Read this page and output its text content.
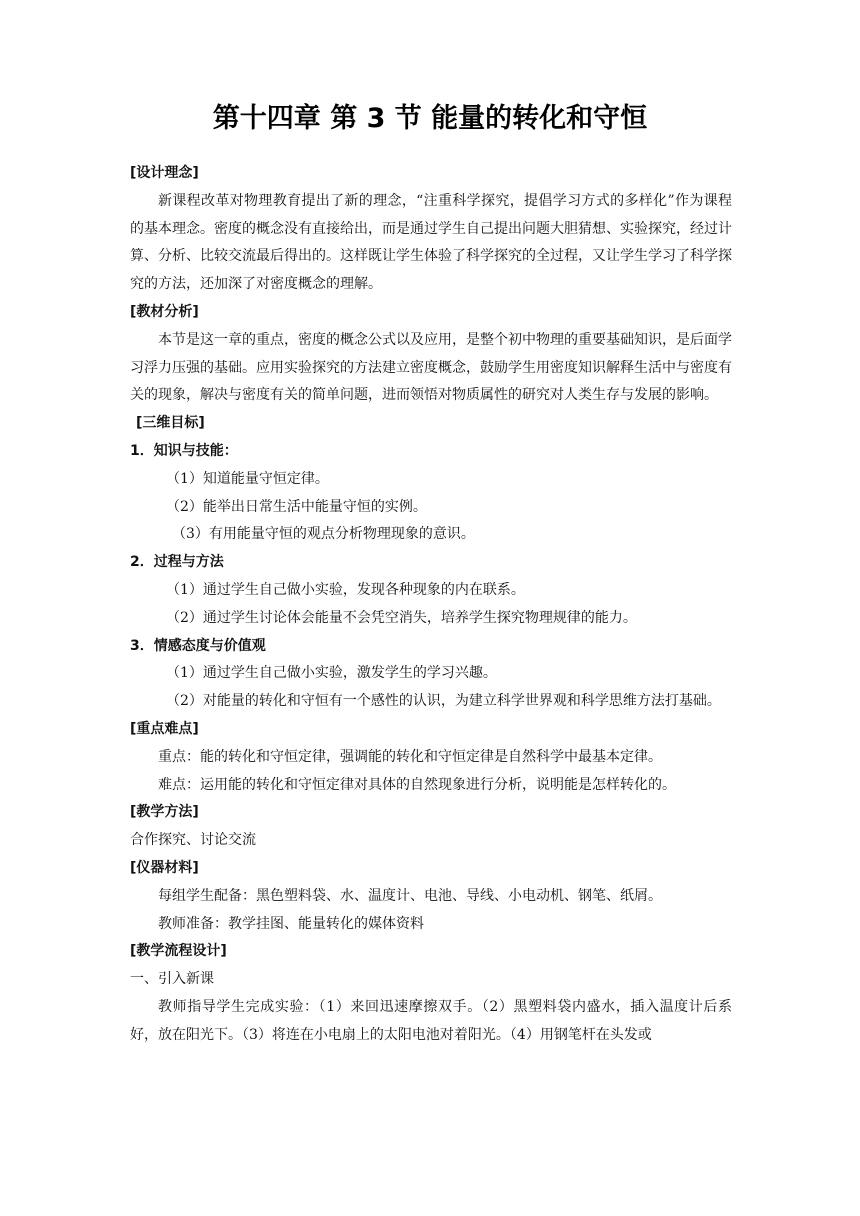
第十四章 第 3 节 能量的转化和守恒

[设计理念]

新课程改革对物理教育提出了新的理念，“注重科学探究，提倡学习方式的多样化”作为课程的基本理念。密度的概念没有直接给出，而是通过学生自己提出问题大胆猜想、实验探究，经过计算、分析、比较交流最后得出的。这样既让学生体验了科学探究的全过程，又让学生学习了科学探究的方法，还加深了对密度概念的理解。

[教材分析]

本节是这一章的重点，密度的概念公式以及应用，是整个初中物理的重要基础知识，是后面学习浮力压强的基础。应用实验探究的方法建立密度概念，鼓励学生用密度知识解释生活中与密度有关的现象，解决与密度有关的简单问题，进而领悟对物质属性的研究对人类生存与发展的影响。

[三维目标]

1．知识与技能：

（1）知道能量守恒定律。

（2）能举出日常生活中能量守恒的实例。

（3）有用能量守恒的观点分析物理现象的意识。

2．过程与方法

（1）通过学生自己做小实验，发现各种现象的内在联系。

（2）通过学生讨论体会能量不会凭空消失，培养学生探究物理规律的能力。

3．情感态度与价值观

（1）通过学生自己做小实验，激发学生的学习兴趣。

（2）对能量的转化和守恒有一个感性的认识，为建立科学世界观和科学思维方法打基础。

[重点难点]

重点：能的转化和守恒定律，强调能的转化和守恒定律是自然科学中最基本定律。

难点：运用能的转化和守恒定律对具体的自然现象进行分析，说明能是怎样转化的。

[教学方法]

合作探究、讨论交流

[仪器材料]

每组学生配备：黑色塑料袋、水、温度计、电池、导线、小电动机、钢笔、纸屑。

教师准备：教学挂图、能量转化的媒体资料

[教学流程设计]

一、引入新课

教师指导学生完成实验：（1）来回迅速摩擦双手。（2）黑塑料袋内盛水，插入温度计后系好，放在阳光下。（3）将连在小电扇上的太阳电池对着阳光。（4）用钢笔杆在头发或
